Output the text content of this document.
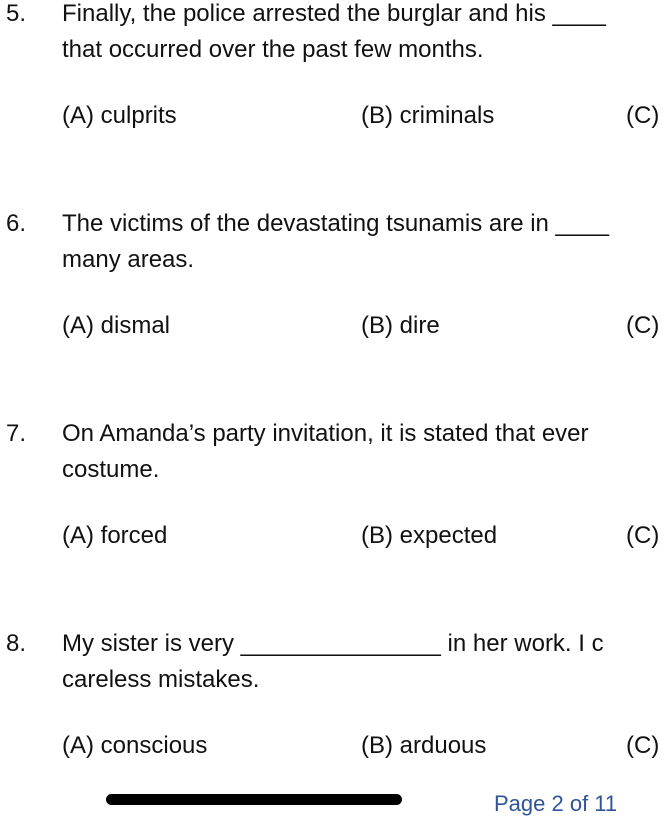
5. Finally, the police arrested the burglar and his ____
that occurred over the past few months.
(A) culprits	(B) criminals	(C)
6. The victims of the devastating tsunamis are in ____
many areas.
(A) dismal	(B) dire	(C)
7. On Amanda’s party invitation, it is stated that ever
costume.
(A) forced	(B) expected	(C)
8. My sister is very _______________ in her work. I c
careless mistakes.
(A) conscious	(B) arduous	(C)
Page 2 of 11
